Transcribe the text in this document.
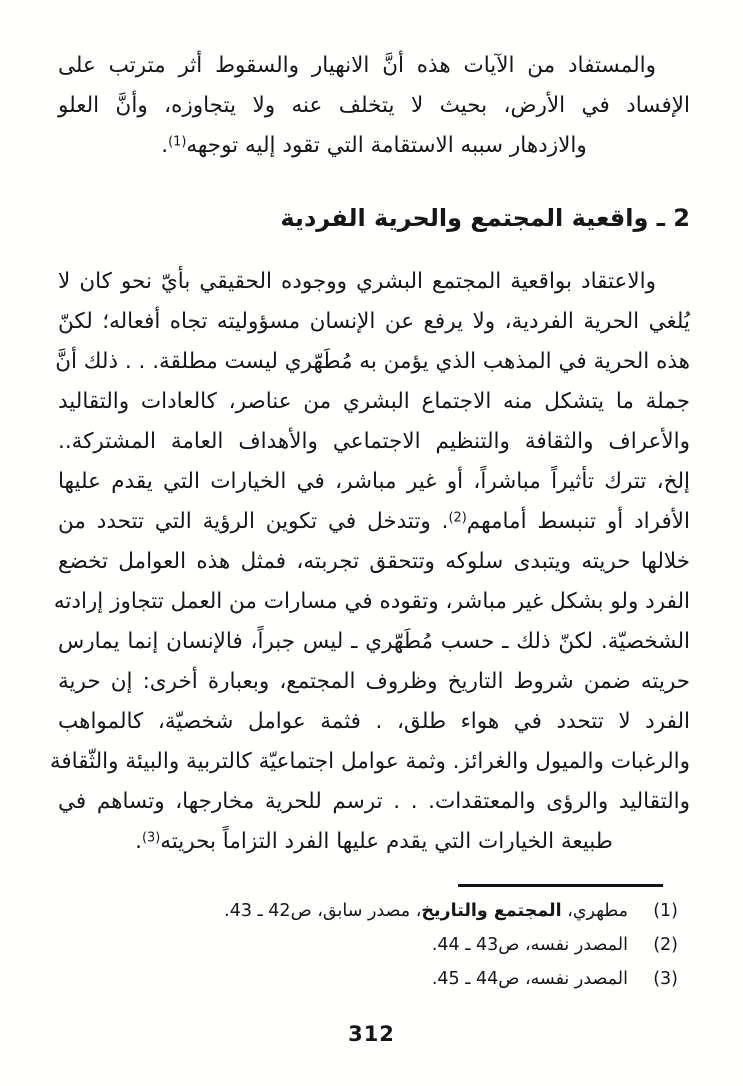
والمستفاد من الآيات هذه أنَّ الانهيار والسقوط أثر مترتب على
الإفساد في الأرض، بحيث لا يتخلف عنه ولا يتجاوزه، وأنَّ العلو
والازدهار سببه الاستقامة التي تقود إليه توجهه$^{(1)}$.
2 ـ واقعية المجتمع والحرية الفردية
والاعتقاد بواقعية المجتمع البشري ووجوده الحقيقي بأيّ نحو كان لا
يُلغي الحرية الفردية، ولا يرفع عن الإنسان مسؤوليته تجاه أفعاله؛ لكنّ
هذه الحرية في المذهب الذي يؤمن به مُطَهّري ليست مطلقة. . . ذلك أنَّ
جملة ما يتشكل منه الاجتماع البشري من عناصر، كالعادات والتقاليد
والأعراف والثقافة والتنظيم الاجتماعي والأهداف العامة المشتركة..
إلخ، تترك تأثيراً مباشراً، أو غير مباشر، في الخيارات التي يقدم عليها
الأفراد أو تنبسط أمامهم$^{(2)}$. وتتدخل في تكوين الرؤية التي تتحدد من
خلالها حريته ويتبدى سلوكه وتتحقق تجربته، فمثل هذه العوامل تخضع
الفرد ولو بشكل غير مباشر، وتقوده في مسارات من العمل تتجاوز إرادته
الشخصيّة. لكنّ ذلك ـ حسب مُطَهّري ـ ليس جبراً، فالإنسان إنما يمارس
حريته ضمن شروط التاريخ وظروف المجتمع، وبعبارة أخرى: إن حرية
الفرد لا تتحدد في هواء طلق، . فثمة عوامل شخصيّة، كالمواهب
والرغبات والميول والغرائز. وثمة عوامل اجتماعيّة كالتربية والبيئة والثّقافة
والتقاليد والرؤى والمعتقدات. . . ترسم للحرية مخارجها، وتساهم في
طبيعة الخيارات التي يقدم عليها الفرد التزاماً بحريته$^{(3)}$.
(1)
مطهري، المجتمع والتاريخ، مصدر سابق، ص42 ـ 43.
(2)
المصدر نفسه، ص43 ـ 44.
(3)
المصدر نفسه، ص44 ـ 45.
312
